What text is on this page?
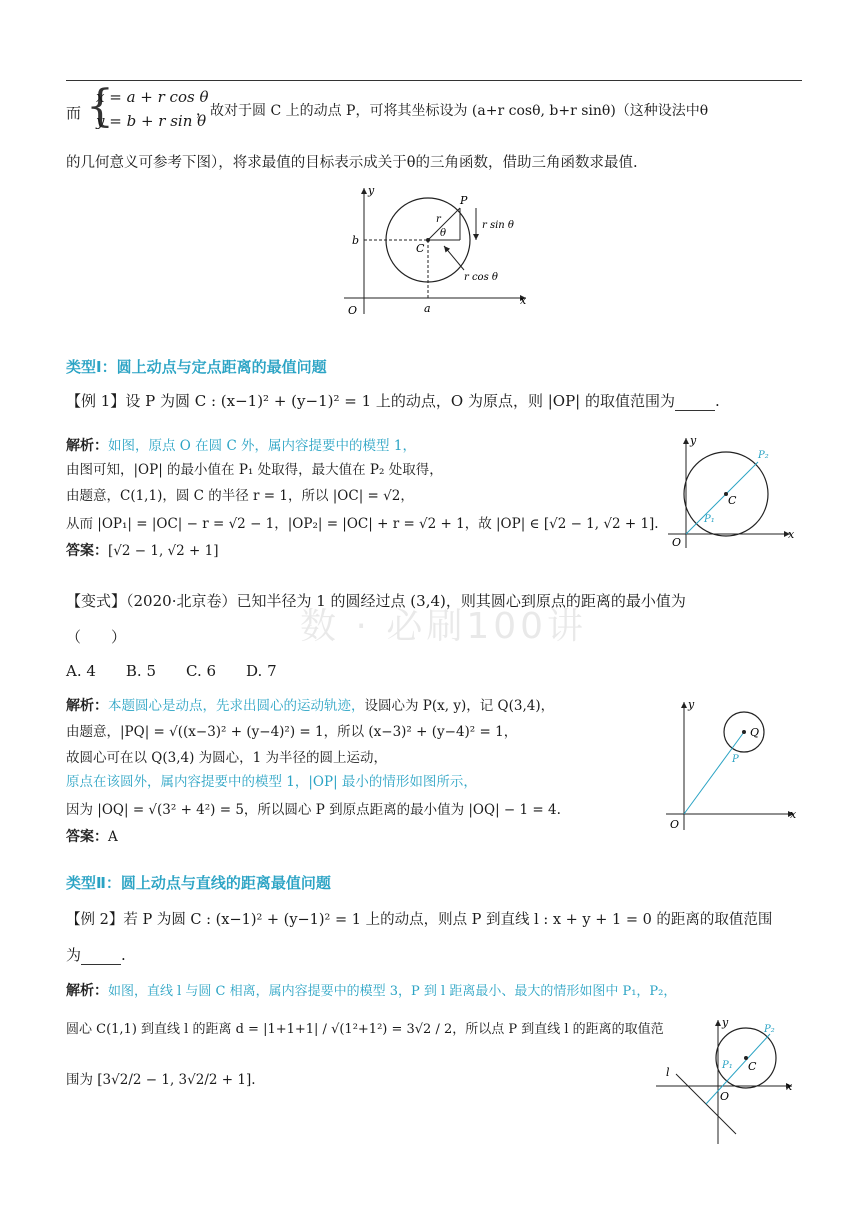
而 {
x = a + r cos θ
y = b + r sin θ
，故对于圆 C 上的动点 P，可将其坐标设为 (a+r cosθ, b+r sinθ)（这种设法中θ
的几何意义可参考下图），将求最值的目标表示成关于θ的三角函数，借助三角函数求最值.
y
x
O	a
b
C
P
r
θ
r sin θ
r cos θ
类型Ⅰ：圆上动点与定点距离的最值问题
【例 1】设 P 为圆 C : (x−1)² + (y−1)² = 1 上的动点，O 为原点，则 |OP| 的取值范围为	.
解析：如图，原点 O 在圆 C 外，属内容提要中的模型 1，
由图可知，|OP| 的最小值在 P₁ 处取得，最大值在 P₂ 处取得，
由题意，C(1,1)，圆 C 的半径 r = 1，所以 |OC| = √2，
从而 |OP₁| = |OC| − r = √2 − 1，|OP₂| = |OC| + r = √2 + 1，故 |OP| ∈ [√2 − 1, √2 + 1].
答案：[√2 − 1, √2 + 1]
y
x
O
C
P₁
P₂
【变式】（2020·北京卷）已知半径为 1 的圆经过点 (3,4)，则其圆心到原点的距离的最小值为
（　　）
A. 4　　B. 5　　C. 6　　D. 7
解析：本题圆心是动点，先求出圆心的运动轨迹，设圆心为 P(x, y)，记 Q(3,4)，
由题意，|PQ| = √((x−3)² + (y−4)²) = 1，所以 (x−3)² + (y−4)² = 1，
故圆心可在以 Q(3,4) 为圆心，1 为半径的圆上运动，
原点在该圆外，属内容提要中的模型 1，|OP| 最小的情形如图所示，
因为 |OQ| = √(3² + 4²) = 5，所以圆心 P 到原点距离的最小值为 |OQ| − 1 = 4.
答案：A
y
x
O
Q
P
数 · 必刷100讲
类型Ⅱ：圆上动点与直线的距离最值问题
【例 2】若 P 为圆 C : (x−1)² + (y−1)² = 1 上的动点，则点 P 到直线 l : x + y + 1 = 0 的距离的取值范围
为	.
解析：如图，直线 l 与圆 C 相离，属内容提要中的模型 3，P 到 l 距离最小、最大的情形如图中 P₁，P₂，
圆心 C(1,1) 到直线 l 的距离 d = |1+1+1| / √(1²+1²) = 3√2 / 2，所以点 P 到直线 l 的距离的取值范
围为 [3√2/2 − 1, 3√2/2 + 1].
y
x
O
C
l
P₁
P₂
